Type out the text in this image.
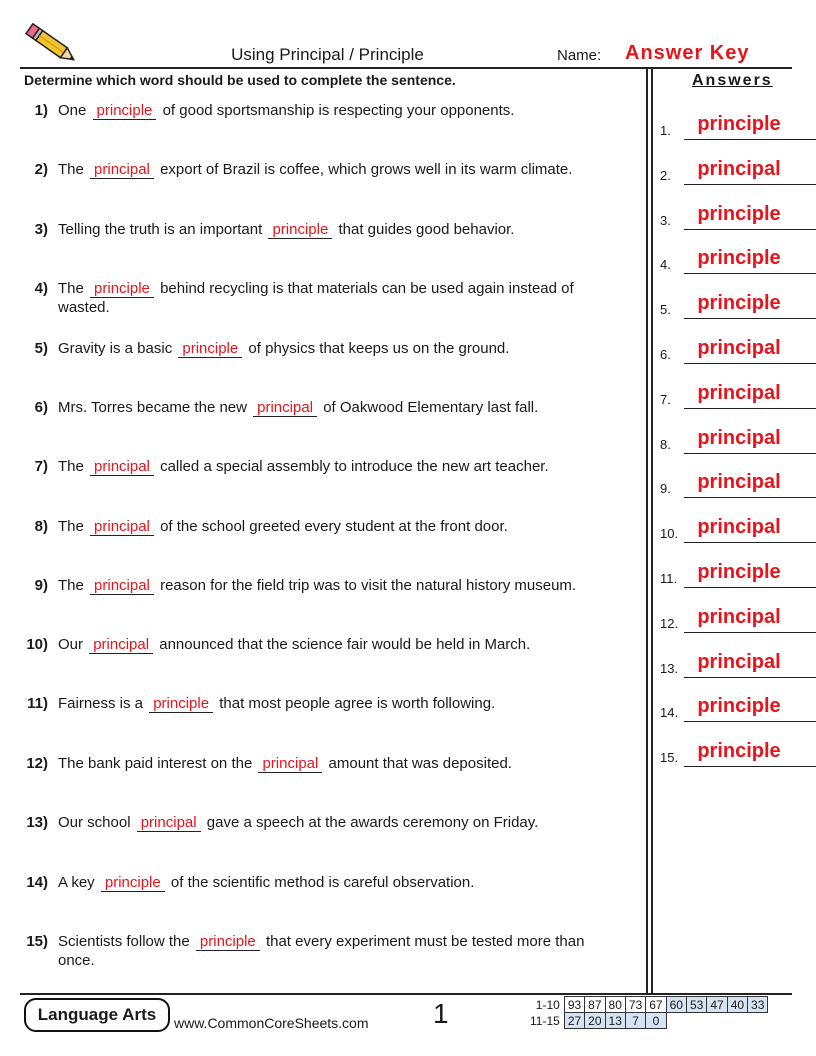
Using Principal / Principle	Name: Answer Key
Determine which word should be used to complete the sentence.	Answers
1) One principle of good sportsmanship is respecting your opponents.
2) The principal export of Brazil is coffee, which grows well in its warm climate.
3) Telling the truth is an important principle that guides good behavior.
4) The principle behind recycling is that materials can be used again instead of wasted.
5) Gravity is a basic principle of physics that keeps us on the ground.
6) Mrs. Torres became the new principal of Oakwood Elementary last fall.
7) The principal called a special assembly to introduce the new art teacher.
8) The principal of the school greeted every student at the front door.
9) The principal reason for the field trip was to visit the natural history museum.
10) Our principal announced that the science fair would be held in March.
11) Fairness is a principle that most people agree is worth following.
12) The bank paid interest on the principal amount that was deposited.
13) Our school principal gave a speech at the awards ceremony on Friday.
14) A key principle of the scientific method is careful observation.
15) Scientists follow the principle that every experiment must be tested more than once.
1.	principle
2.	principal
3.	principle
4.	principle
5.	principle
6.	principal
7.	principal
8.	principal
9.	principal
10. principal
11.	principle
12. principal
13. principal
14. principle
15. principle
Language Arts	www.CommonCoreSheets.com 1	1-10	93	87	80	73	67	60	53	47	40	33
11-15	27	20	13	7	0					
